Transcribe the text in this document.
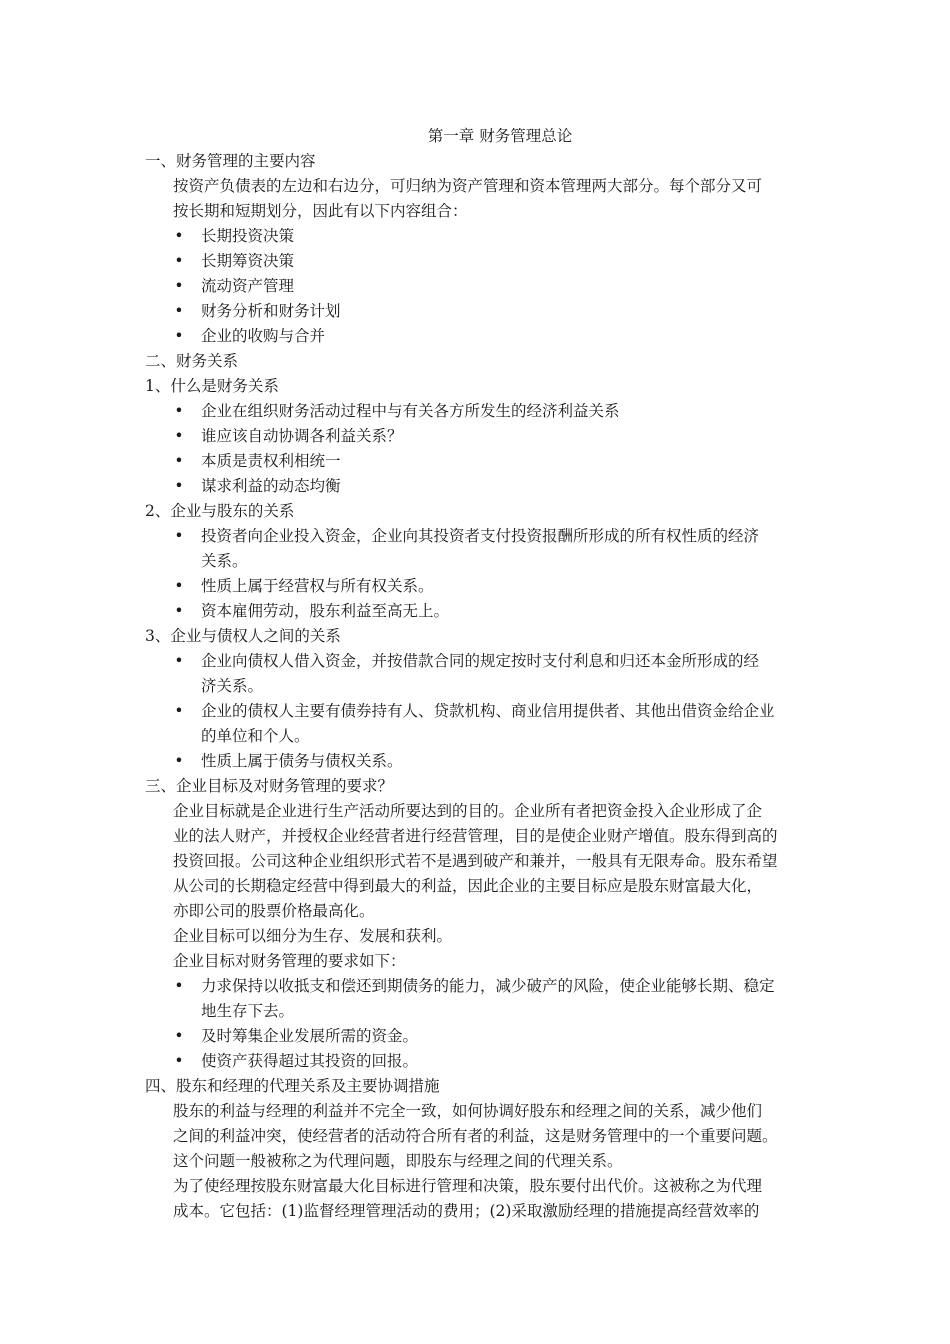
第一章 财务管理总论
一、财务管理的主要内容
按资产负债表的左边和右边分，可归纳为资产管理和资本管理两大部分。每个部分又可
按长期和短期划分，因此有以下内容组合：
• 长期投资决策
• 长期筹资决策
• 流动资产管理
• 财务分析和财务计划
• 企业的收购与合并
二、财务关系
1、什么是财务关系
• 企业在组织财务活动过程中与有关各方所发生的经济利益关系
• 谁应该自动协调各利益关系？
• 本质是责权利相统一
• 谋求利益的动态均衡
2、企业与股东的关系
• 投资者向企业投入资金，企业向其投资者支付投资报酬所形成的所有权性质的经济
关系。
• 性质上属于经营权与所有权关系。
• 资本雇佣劳动，股东利益至高无上。
3、企业与债权人之间的关系
• 企业向债权人借入资金，并按借款合同的规定按时支付利息和归还本金所形成的经
济关系。
• 企业的债权人主要有债券持有人、贷款机构、商业信用提供者、其他出借资金给企业
的单位和个人。
• 性质上属于债务与债权关系。
三、企业目标及对财务管理的要求？
企业目标就是企业进行生产活动所要达到的目的。企业所有者把资金投入企业形成了企
业的法人财产，并授权企业经营者进行经营管理，目的是使企业财产增值。股东得到高的
投资回报。公司这种企业组织形式若不是遇到破产和兼并，一般具有无限寿命。股东希望
从公司的长期稳定经营中得到最大的利益，因此企业的主要目标应是股东财富最大化，
亦即公司的股票价格最高化。
企业目标可以细分为生存、发展和获利。
企业目标对财务管理的要求如下：
• 力求保持以收抵支和偿还到期债务的能力，减少破产的风险，使企业能够长期、稳定
地生存下去。
• 及时筹集企业发展所需的资金。
• 使资产获得超过其投资的回报。
四、股东和经理的代理关系及主要协调措施
股东的利益与经理的利益并不完全一致，如何协调好股东和经理之间的关系，减少他们
之间的利益冲突，使经营者的活动符合所有者的利益，这是财务管理中的一个重要问题。
这个问题一般被称之为代理问题，即股东与经理之间的代理关系。
为了使经理按股东财富最大化目标进行管理和决策，股东要付出代价。这被称之为代理
成本。它包括：(1)监督经理管理活动的费用；(2)采取激励经理的措施提高经营效率的
